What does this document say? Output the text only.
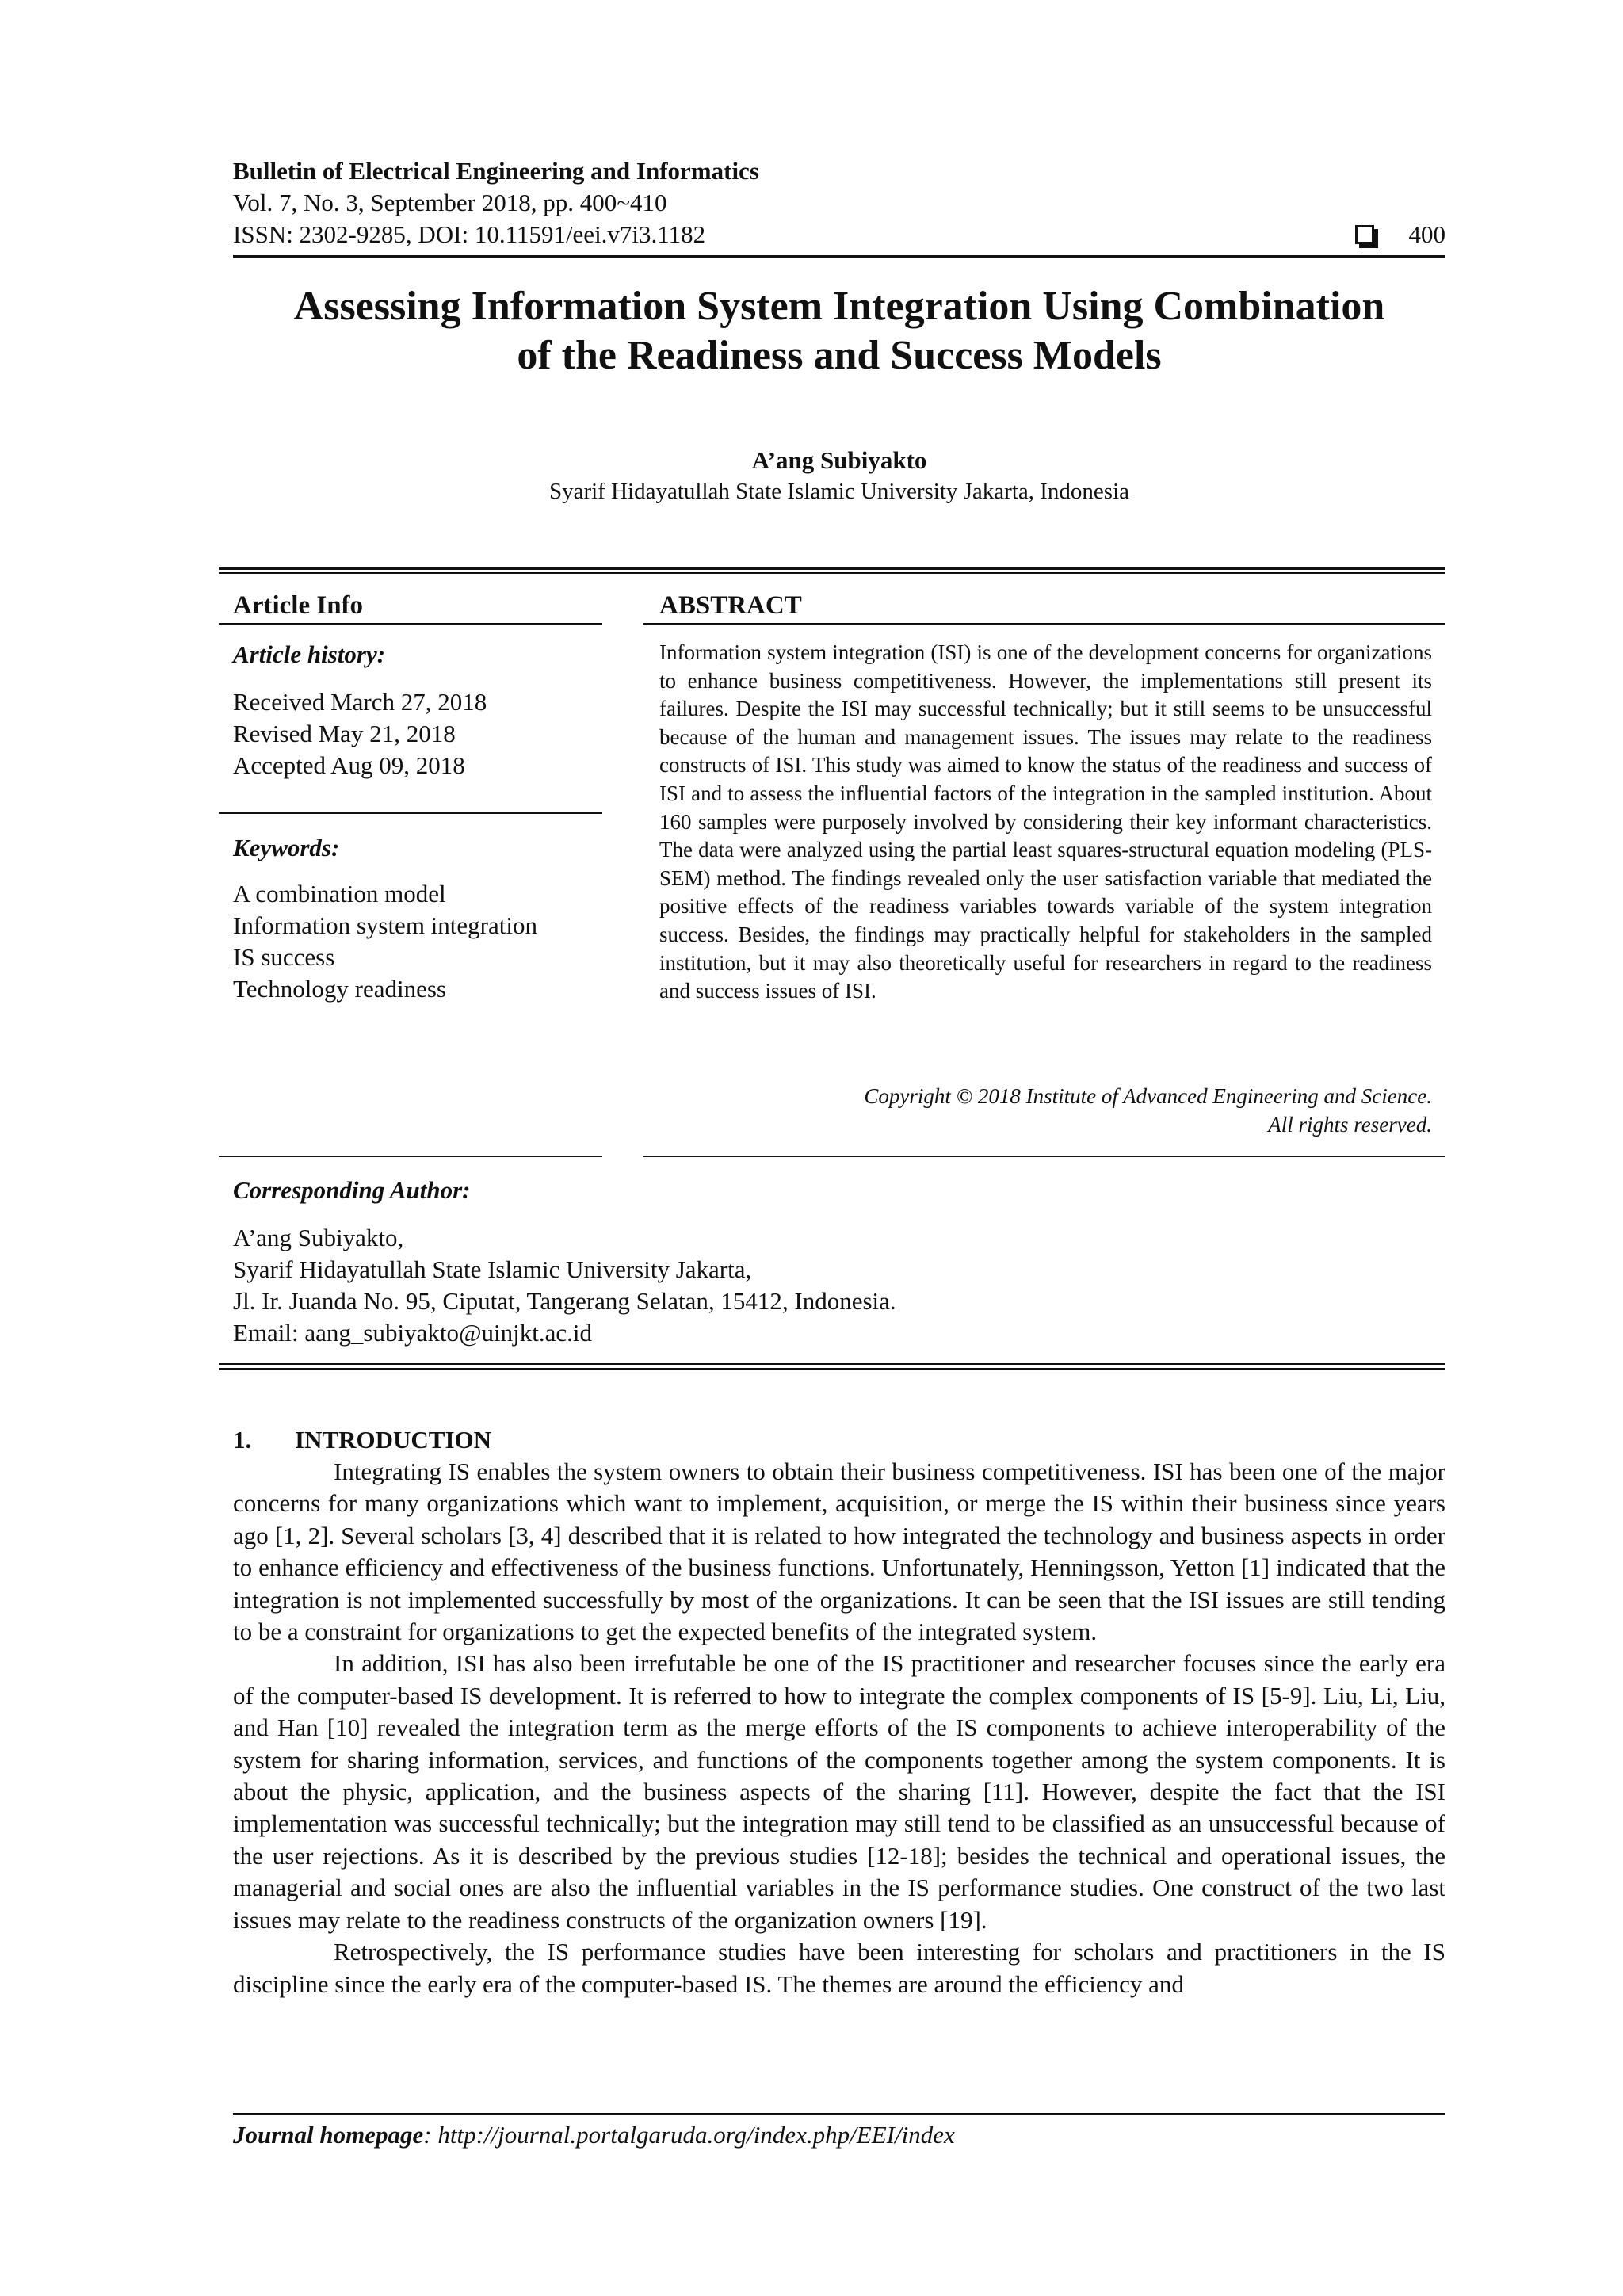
Bulletin of Electrical Engineering and Informatics
Vol. 7, No. 3, September 2018, pp. 400~410
ISSN: 2302-9285, DOI: 10.11591/eei.v7i3.1182	400
Assessing Information System Integration Using Combination
of the Readiness and Success Models
A’ang Subiyakto
Syarif Hidayatullah State Islamic University Jakarta, Indonesia
Article Info
Article history:
Received March 27, 2018
Revised May 21, 2018
Accepted Aug 09, 2018
Keywords:
A combination model
Information system integration
IS success
Technology readiness
ABSTRACT
Information system integration (ISI) is one of the development concerns for organizations to enhance business competitiveness. However, the implementations still present its failures. Despite the ISI may successful technically; but it still seems to be unsuccessful because of the human and management issues. The issues may relate to the readiness constructs of ISI. This study was aimed to know the status of the readiness and success of ISI and to assess the influential factors of the integration in the sampled institution. About 160 samples were purposely involved by considering their key informant characteristics. The data were analyzed using the partial least squares-structural equation modeling (PLS-SEM) method. The findings revealed only the user satisfaction variable that mediated the positive effects of the readiness variables towards variable of the system integration success. Besides, the findings may practically helpful for stakeholders in the sampled institution, but it may also theoretically useful for researchers in regard to the readiness and success issues of ISI.
Copyright © 2018 Institute of Advanced Engineering and Science.
All rights reserved.
Corresponding Author:
A’ang Subiyakto,
Syarif Hidayatullah State Islamic University Jakarta,
Jl. Ir. Juanda No. 95, Ciputat, Tangerang Selatan, 15412, Indonesia.
Email: aang_subiyakto@uinjkt.ac.id
1. INTRODUCTION

Integrating IS enables the system owners to obtain their business competitiveness. ISI has been one of the major concerns for many organizations which want to implement, acquisition, or merge the IS within their business since years ago [1, 2]. Several scholars [3, 4] described that it is related to how integrated the technology and business aspects in order to enhance efficiency and effectiveness of the business functions. Unfortunately, Henningsson, Yetton [1] indicated that the integration is not implemented successfully by most of the organizations. It can be seen that the ISI issues are still tending to be a constraint for organizations to get the expected benefits of the integrated system.

In addition, ISI has also been irrefutable be one of the IS practitioner and researcher focuses since the early era of the computer-based IS development. It is referred to how to integrate the complex components of IS [5-9]. Liu, Li, Liu, and Han [10] revealed the integration term as the merge efforts of the IS components to achieve interoperability of the system for sharing information, services, and functions of the components together among the system components. It is about the physic, application, and the business aspects of the sharing [11]. However, despite the fact that the ISI implementation was successful technically; but the integration may still tend to be classified as an unsuccessful because of the user rejections. As it is described by the previous studies [12-18]; besides the technical and operational issues, the managerial and social ones are also the influential variables in the IS performance studies. One construct of the two last issues may relate to the readiness constructs of the organization owners [19].

Retrospectively, the IS performance studies have been interesting for scholars and practitioners in the IS discipline since the early era of the computer-based IS. The themes are around the efficiency and

Journal homepage: http://journal.portalgaruda.org/index.php/EEI/index
